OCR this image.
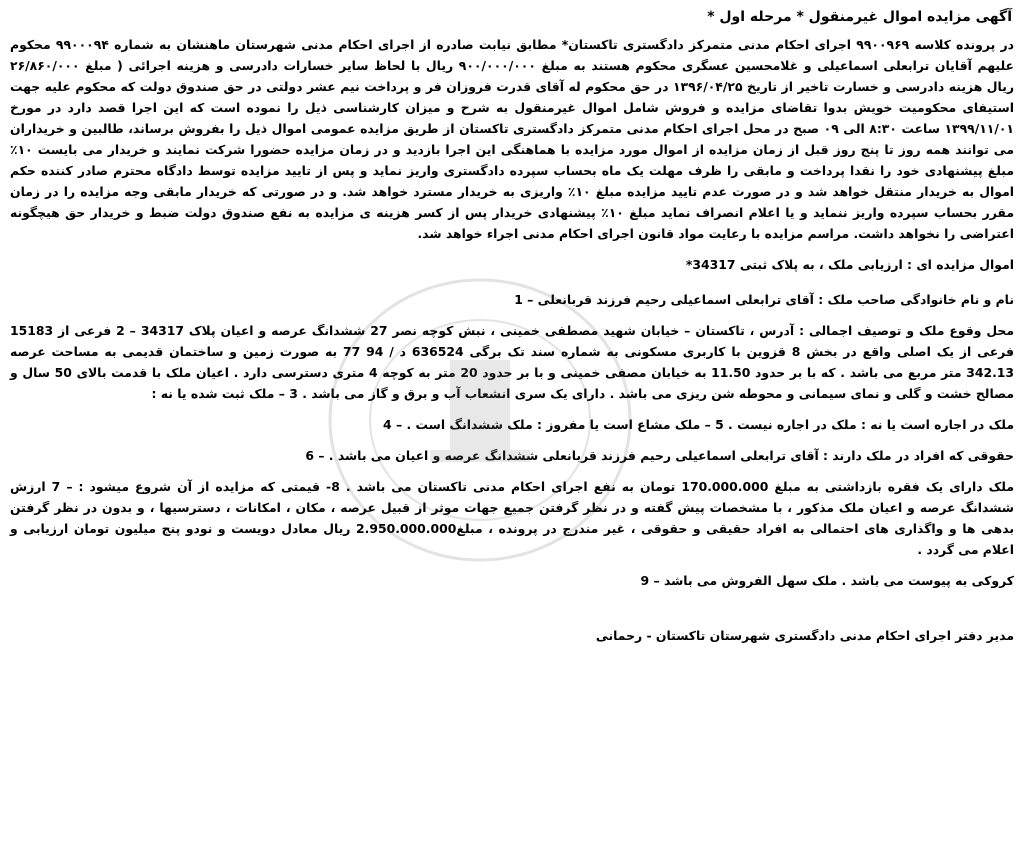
آگهی مزایده اموال غیرمنقول * مرحله اول *

در پرونده کلاسه ۹۹۰۰۹۶۹ اجرای احکام مدنی متمرکز دادگستری تاکستان* مطابق نیابت صادره از اجرای احکام مدنی شهرستان ماهنشان به شماره ۹۹۰۰۰۹۴ محکوم علیهم آقایان ترابعلی اسماعیلی و غلامحسین عسگری محکوم هستند به مبلغ ۹۰۰/۰۰۰/۰۰۰ ریال با لحاظ سایر خسارات دادرسی و هزینه اجرائی ( مبلغ ۲۶/۸۶۰/۰۰۰ ریال هزینه دادرسی و خسارت تاخیر از تاریخ ۱۳۹۶/۰۴/۲۵ در حق محکوم له آقای قدرت فروزان فر و پرداخت نیم عشر دولتی در حق صندوق دولت که محکوم علیه جهت استیفای محکومیت خویش بدوا تقاضای مزایده و فروش شامل اموال غیرمنقول به شرح و میزان کارشناسی ذیل را نموده است که این اجرا قصد دارد در مورخ ۱۳۹۹/۱۱/۰۱ ساعت ۸:۳۰ الی ۰۹ صبح در محل اجرای احکام مدنی متمرکز دادگستری تاکستان از طریق مزایده عمومی اموال ذیل را بفروش برساند، طالبین و خریداران می توانند همه روز تا پنج روز قبل از زمان مزایده از اموال مورد مزایده با هماهنگی این اجرا بازدید و در زمان مزایده حضورا شرکت نمایند و خریدار می بایست ۱۰٪ مبلغ پیشنهادی خود را نقدا پرداخت و مابقی را ظرف مهلت یک ماه بحساب سپرده دادگستری واریز نماید و پس از تایید مزایده توسط دادگاه محترم صادر کننده حکم اموال به خریدار منتقل خواهد شد و در صورت عدم تایید مزایده مبلغ ۱۰٪ واریزی به خریدار مسترد خواهد شد. و در صورتی که خریدار مابقی وجه مزایده را در زمان مقرر بحساب سپرده واریز ننماید و یا اعلام انصراف نماید مبلغ ۱۰٪ پیشنهادی خریدار پس از کسر هزینه ی مزایده به نفع صندوق دولت ضبط و خریدار حق هیچگونه اعتراضی را نخواهد داشت. مراسم مزایده با رعایت مواد قانون اجرای احکام مدنی اجراء خواهد شد.

اموال مزایده ای : ارزیابی ملک ، به پلاک ثبتی 34317*

نام و نام خانوادگی صاحب ملک : آقای ترابعلی اسماعیلی رحیم فرزند قربانعلی – 1

محل وقوع ملک و توصیف اجمالی : آدرس ، تاکستان – خیابان شهید مصطفی خمینی ، نبش کوچه نصر 27 ششدانگ عرصه و اعیان پلاک 34317 – 2 فرعی از 15183 فرعی از یک اصلی واقع در بخش 8 قزوین با کاربری مسکونی به شماره سند تک برگی 636524 د / 94 77 به صورت زمین و ساختمان قدیمی به مساحت عرصه 342.13 متر مربع می باشد . که با بر حدود 11.50 به خیابان مصفی خمینی و با بر حدود 20 متر به کوچه 4 متری دسترسی دارد . اعیان ملک با قدمت بالای 50 سال و مصالح خشت و گلی و نمای سیمانی و محوطه شن ریزی می باشد . دارای یک سری انشعاب آب و برق و گاز می باشد . 3 – ملک ثبت شده یا نه :

ملک در اجاره است یا نه : ملک در اجاره نیست . 5 – ملک مشاع است یا مفروز : ملک ششدانگ است . – 4

حقوقی که افراد در ملک دارند : آقای ترابعلی اسماعیلی رحیم فرزند قربانعلی ششدانگ عرصه و اعیان می باشد . – 6

ملک دارای یک فقره بازداشتی به مبلغ 170.000.000 تومان به نفع اجرای احکام مدنی تاکستان می باشد . 8- قیمتی که مزایده از آن شروع میشود : – 7 ارزش ششدانگ عرصه و اعیان ملک مذکور ، با مشخصات پیش گفته و در نظر گرفتن جمیع جهات موثر از قبیل عرصه ، مکان ، امکانات ، دسترسیها ، و بدون در نظر گرفتن بدهی ها و واگذاری های احتمالی به افراد حقیقی و حقوقی ، غیر مندرج در پرونده ، مبلغ2.950.000.000 ریال معادل دویست و نودو پنج میلیون تومان ارزیابی و اعلام می گردد .

کروکی به پیوست می باشد . ملک سهل الفروش می باشد – 9

مدیر دفتر اجرای احکام مدنی دادگستری شهرستان تاکستان - رحمانی
